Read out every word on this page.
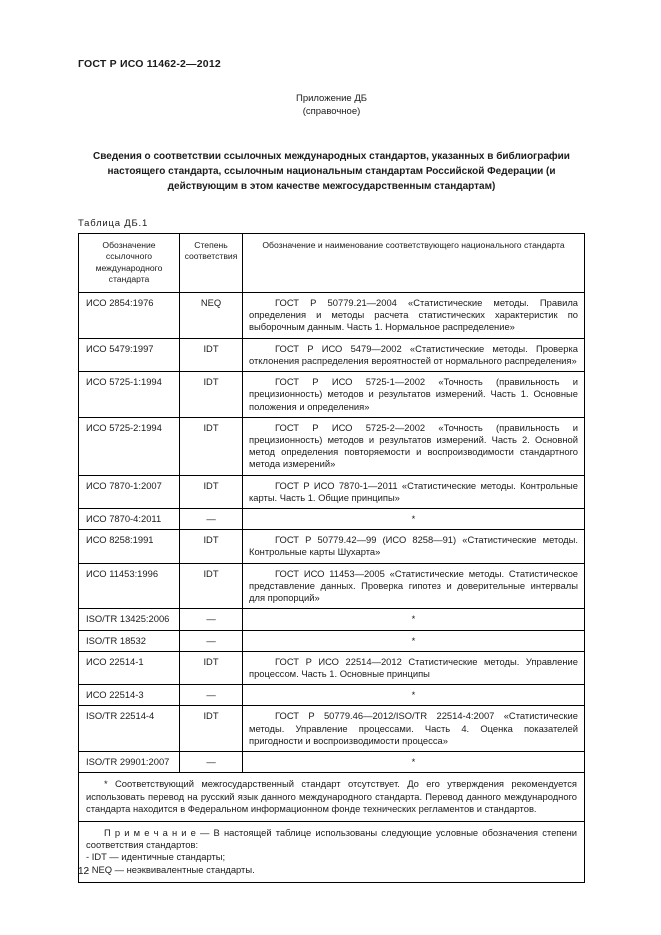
ГОСТ Р ИСО 11462-2—2012
Приложение ДБ
(справочное)
Сведения о соответствии ссылочных международных стандартов, указанных в библиографии настоящего стандарта, ссылочным национальным стандартам Российской Федерации (и действующим в этом качестве межгосударственным стандартам)
Таблица ДБ.1
Обозначение ссылочного международного стандарта	Степень соответствия	Обозначение и наименование соответствующего национального стандарта
ИСО 2854:1976	NEQ	ГОСТ Р 50779.21—2004 «Статистические методы. Правила определения и методы расчета статистических характеристик по выборочным данным. Часть 1. Нормальное распределение»
ИСО 5479:1997	IDT	ГОСТ Р ИСО 5479—2002 «Статистические методы. Проверка отклонения распределения вероятностей от нормального распределения»
ИСО 5725-1:1994	IDT	ГОСТ Р ИСО 5725-1—2002 «Точность (правильность и прецизионность) методов и результатов измерений. Часть 1. Основные положения и определения»
ИСО 5725-2:1994	IDT	ГОСТ Р ИСО 5725-2—2002 «Точность (правильность и прецизионность) методов и результатов измерений. Часть 2. Основной метод определения повторяемости и воспроизводимости стандартного метода измерений»
ИСО 7870-1:2007	IDT	ГОСТ Р ИСО 7870-1—2011 «Статистические методы. Контрольные карты. Часть 1. Общие принципы»
ИСО 7870-4:2011	—	*
ИСО 8258:1991	IDT	ГОСТ Р 50779.42—99 (ИСО 8258—91) «Статистические методы. Контрольные карты Шухарта»
ИСО 11453:1996	IDT	ГОСТ ИСО 11453—2005 «Статистические методы. Статистическое представление данных. Проверка гипотез и доверительные интервалы для пропорций»
ISO/TR 13425:2006	—	*
ISO/TR 18532	—	*
ИСО 22514-1	IDT	ГОСТ Р ИСО 22514—2012 Статистические методы. Управление процессом. Часть 1. Основные принципы
ИСО 22514-3	—	*
ISO/TR 22514-4	IDT	ГОСТ Р 50779.46—2012/ISO/TR 22514-4:2007 «Статистические методы. Управление процессами. Часть 4. Оценка показателей пригодности и воспроизводимости процесса»
ISO/TR 29901:2007	—	*

* Соответствующий межгосударственный стандарт отсутствует. До его утверждения рекомендуется использовать перевод на русский язык данного международного стандарта. Перевод данного международного стандарта находится в Федеральном информационном фонде технических регламентов и стандартов.		

П р и м е ч а н и е — В настоящей таблице использованы следующие условные обозначения степени соответствия стандартов:
- IDT — идентичные стандарты;
- NEQ — неэквивалентные стандарты.		
12
